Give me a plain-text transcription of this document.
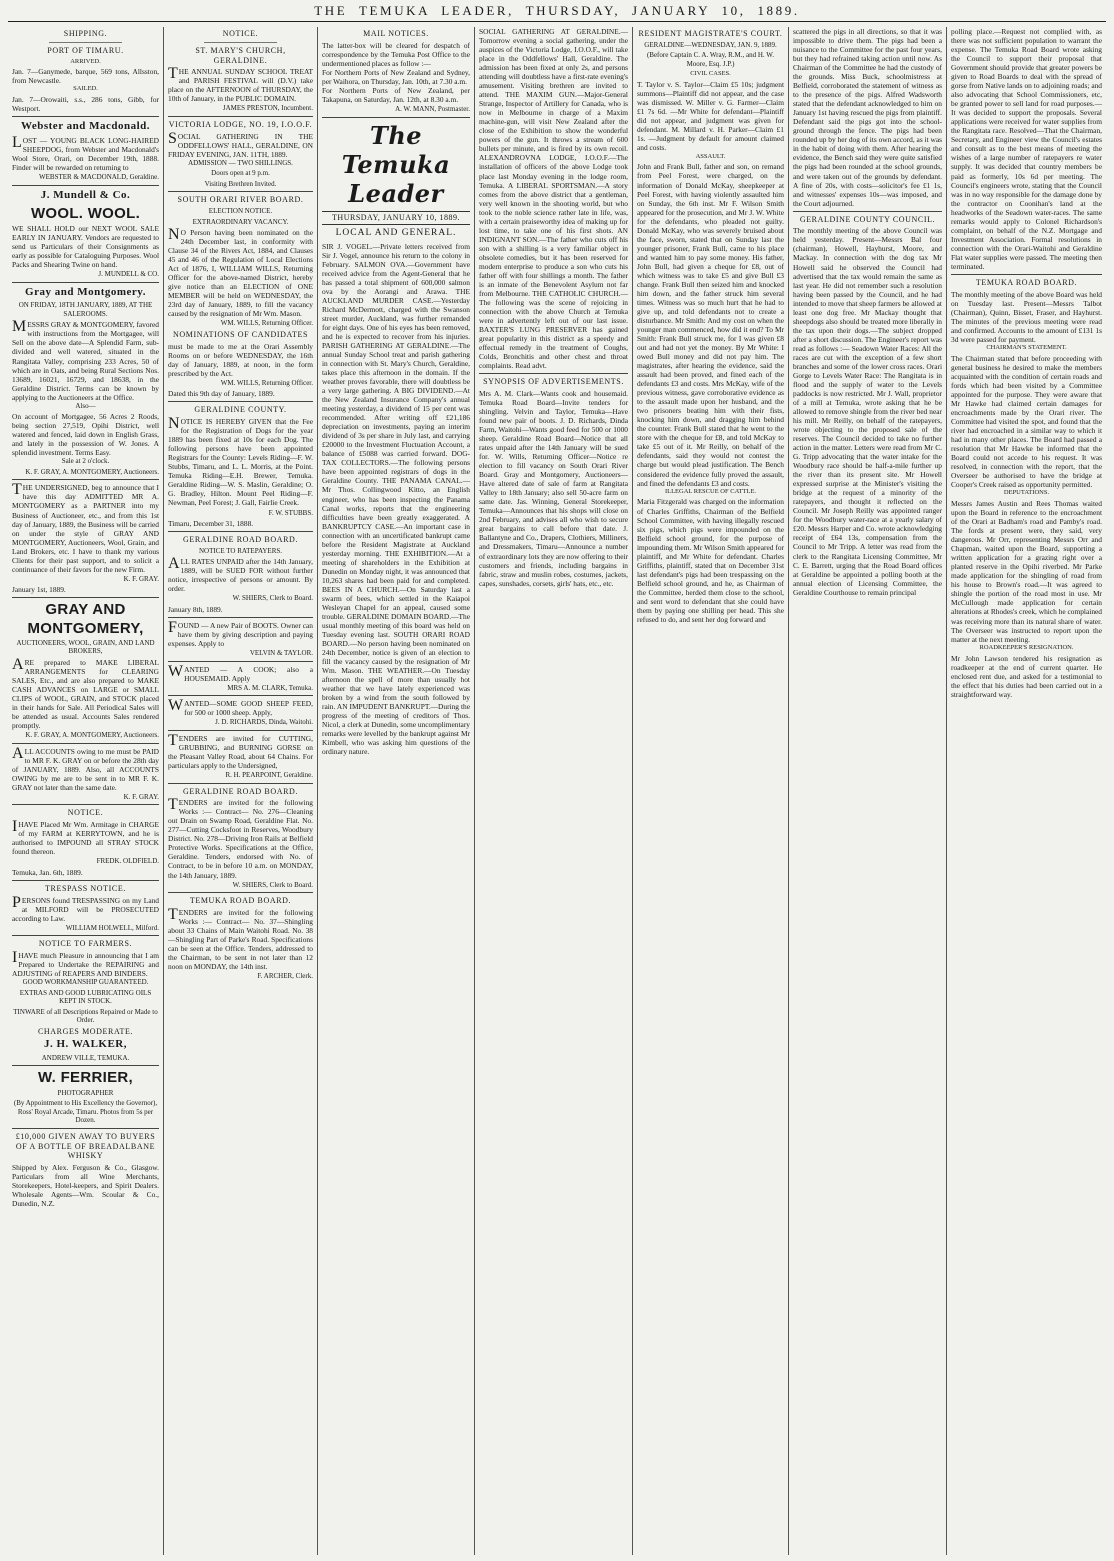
THE TEMUKA LEADER, THURSDAY, JANUARY 10, 1889.
SHIPPING.
PORT OF TIMARU.
ARRIVED.
Jan. 7—Ganymede, barque, 569 tons, Allsston, from Newcastle.
SAILED.
Jan. 7—Orowaiti, s.s., 286 tons, Gibb, for Westport.
Webster and Macdonald.
LOST — YOUNG BLACK LONG-HAIRED SHEEPDOG, from Webster and Macdonald's Wool Store, Orari, on December 19th, 1888. Finder will be rewarded on returning to
WEBSTER & MACDONALD, Geraldine.
J. Mundell & Co.
WOOL. WOOL.
WE SHALL HOLD our NEXT WOOL SALE EARLY IN JANUARY. Vendors are requested to send us Particulars of their Consignments as early as possible for Cataloguing Purposes. Wool Packs and Shearing Twine on hand.
J. MUNDELL & CO.
Gray and Montgomery.
ON FRIDAY, 18TH JANUARY, 1889, AT THE SALEROOMS.
MESSRS GRAY & MONTGOMERY, favored with instructions from the Mortgagee, will Sell on the above date—A Splendid Farm, sub-divided and well watered, situated in the Rangitata Valley, comprising 233 Acres, 50 of which are in Oats, and being Rural Sections Nos. 13689, 16021, 16729, and 18638, in the Geraldine District. Terms can be known by applying to the Auctioneers at the Office.
Also—
On account of Mortgagee, 56 Acres 2 Roods, being section 27,519, Opihi District, well watered and fenced, laid down in English Grass, and lately in the possession of W. Jones. A splendid investment. Terms Easy.
Sale at 2 o'clock.
K. F. GRAY, A. MONTGOMERY, Auctioneers.
THE UNDERSIGNED, beg to announce that I have this day ADMITTED MR A. MONTGOMERY as a PARTNER into my Business of Auctioneer, etc., and from this 1st day of January, 1889, the Business will be carried on under the style of GRAY AND MONTGOMERY, Auctioneers, Wool, Grain, and Land Brokers, etc. I have to thank my various Clients for their past support, and to solicit a continuance of their favors for the new Firm.
K. F. GRAY.
January 1st, 1889.
GRAY AND MONTGOMERY,
AUCTIONEERS, WOOL, GRAIN, AND LAND BROKERS,
ARE prepared to MAKE LIBERAL ARRANGEMENTS for CLEARING SALES, Etc., and are also prepared to MAKE CASH ADVANCES on LARGE or SMALL CLIPS of WOOL, GRAIN, and STOCK placed in their hands for Sale. All Periodical Sales will be attended as usual. Accounts Sales rendered promptly.
K. F. GRAY, A. MONTGOMERY, Auctioneers.
ALL ACCOUNTS owing to me must be PAID to MR F. K. GRAY on or before the 28th day of JANUARY, 1889. Also, all ACCOUNTS OWING by me are to be sent in to MR F. K. GRAY not later than the same date.
K. F. GRAY.
NOTICE.
IHAVE Placed Mr Wm. Armitage in CHARGE of my FARM at KERRYTOWN, and he is authorised to IMPOUND all STRAY STOCK found thereon.
FREDK. OLDFIELD.
Temuka, Jan. 6th, 1889.
TRESPASS NOTICE.
PERSONS found TRESPASSING on my Land at MILFORD will be PROSECUTED according to Law.
WILLIAM HOLWELL, Milford.
NOTICE TO FARMERS.
IHAVE much Pleasure in announcing that I am Prepared to Undertake the REPAIRING and ADJUSTING of REAPERS AND BINDERS.
GOOD WORKMANSHIP GUARANTEED.
EXTRAS AND GOOD LUBRICATING OILS KEPT IN STOCK.
TINWARE of all Descriptions Repaired or Made to Order.
CHARGES MODERATE.
J. H. WALKER,
ANDREW VILLE, TEMUKA.
W. FERRIER,
PHOTOGRAPHER
(By Appointment to His Excellency the Governor), Ross' Royal Arcade, Timaru. Photos from 5s per Dozen.
£10,000 GIVEN AWAY TO BUYERS OF A BOTTLE OF BREADALBANE WHISKY
Shipped by Alex. Ferguson & Co., Glasgow. Particulars from all Wine Merchants, Storekeepers, Hotel-keepers, and Spirit Dealers. Wholesale Agents—Wm. Scoular & Co., Dunedin, N.Z.
NOTICE.
ST. MARY'S CHURCH, GERALDINE.
THE ANNUAL SUNDAY SCHOOL TREAT and PARISH FESTIVAL will (D.V.) take place on the AFTERNOON of THURSDAY, the 10th of January, in the PUBLIC DOMAIN.
JAMES PRESTON, Incumbent.
VICTORIA LODGE, NO. 19, I.O.O.F.
SOCIAL GATHERING IN THE ODDFELLOWS' HALL, GERALDINE, ON FRIDAY EVENING, JAN. 11TH, 1889.
ADMISSION — TWO SHILLINGS.
Doors open at 9 p.m.
Visiting Brethren Invited.
SOUTH ORARI RIVER BOARD.
ELECTION NOTICE.
EXTRAORDINARY VACANCY.
NO Person having been nominated on the 24th December last, in conformity with Clause 34 of the Rivers Act, 1884, and Clauses 45 and 46 of the Regulation of Local Elections Act of 1876, I, WILLIAM WILLS, Returning Officer for the above-named District, hereby give notice than an ELECTION of ONE MEMBER will be held on WEDNESDAY, the 23rd day of January, 1889, to fill the vacancy caused by the resignation of Mr Wm. Mason.
WM. WILLS, Returning Officer.
NOMINATIONS OF CANDIDATES
must be made to me at the Orari Assembly Rooms on or before WEDNESDAY, the 16th day of January, 1889, at noon, in the form prescribed by the Act.
WM. WILLS, Returning Officer.
Dated this 9th day of January, 1889.
GERALDINE COUNTY.
NOTICE IS HEREBY GIVEN that the Fee for the Registration of Dogs for the year 1889 has been fixed at 10s for each Dog. The following persons have been appointed Registrars for the County: Levels Riding—F. W. Stubbs, Timaru, and L. L. Morris, at the Point. Temuka Riding—E.H. Brewer, Temuka. Geraldine Riding—W. S. Maslin, Geraldine; O. G. Bradley, Hilton. Mount Peel Riding—F. Newman, Peel Forest; J. Gall, Fairlie Creek.
F. W. STUBBS.
Timaru, December 31, 1888.
GERALDINE ROAD BOARD.
NOTICE TO RATEPAYERS.
ALL RATES UNPAID after the 14th January, 1889, will be SUED FOR without further notice, irrespective of persons or amount. By order.
W. SHIERS, Clerk to Board.
January 8th, 1889.
FOUND — A new Pair of BOOTS. Owner can have them by giving description and paying expenses. Apply to
VELVIN & TAYLOR.
WANTED — A COOK; also a HOUSEMAID. Apply
MRS A. M. CLARK, Temuka.
WANTED—SOME GOOD SHEEP FEED, for 500 or 1000 sheep. Apply,
J. D. RICHARDS, Dinda, Waitohi.
TENDERS are invited for CUTTING, GRUBBING, and BURNING GORSE on the Pleasant Valley Road, about 64 Chains. For particulars apply to the Undersigned,
R. H. PEARPOINT, Geraldine.
GERALDINE ROAD BOARD.
TENDERS are invited for the following Works :— Contract— No. 276—Cleaning out Drain on Swamp Road, Geraldine Flat. No. 277—Cutting Cocksfoot in Reserves, Woodbury District. No. 278—Driving Iron Rails at Belfield Protective Works. Specifications at the Office, Geraldine. Tenders, endorsed with No. of Contract, to be in before 10 a.m. on MONDAY, the 14th January, 1889.
W. SHIERS, Clerk to Board.
TEMUKA ROAD BOARD.
TENDERS are invited for the following Works :— Contract— No. 37—Shingling about 33 Chains of Main Waitohi Road. No. 38—Shingling Part of Parke's Road. Specifications can be seen at the Office. Tenders, addressed to the Chairman, to be sent in not later than 12 noon on MONDAY, the 14th inst.
F. ARCHER, Clerk.
MAIL NOTICES.
The latter-box will be cleared for despatch of correspondence by the Temuka Post Office to the undermentioned places as follow :—
For Northern Ports of New Zealand and Sydney, per Waihora, on Thursday, Jan. 10th, at 7.30 a.m.
For Northern Ports of New Zealand, per Takapuna, on Saturday, Jan. 12th, at 8.30 a.m.
A. W. MANN, Postmaster.
The Temuka Leader
THURSDAY, JANUARY 10, 1889.
LOCAL AND GENERAL.
SIR J. VOGEL.—Private letters received from Sir J. Vogel, announce his return to the colony in February. SALMON OVA.—Government have received advice from the Agent-General that he has passed a total shipment of 600,000 salmon ova by the Aorangi and Arawa. THE AUCKLAND MURDER CASE.—Yesterday Richard McDermott, charged with the Swanson street murder, Auckland, was further remanded for eight days. One of his eyes has been removed, and he is expected to recover from his injuries. PARISH GATHERING AT GERALDINE.—The annual Sunday School treat and parish gathering in connection with St. Mary's Church, Geraldine, takes place this afternoon in the domain. If the weather proves favorable, there will doubtless be a very large gathering. A BIG DIVIDEND.—At the New Zealand Insurance Company's annual meeting yesterday, a dividend of 15 per cent was recommended. After writing off £21,186 depreciation on investments, paying an interim dividend of 3s per share in July last, and carrying £20000 to the Investment Fluctuation Account, a balance of £5088 was carried forward. DOG-TAX COLLECTORS.—The following persons have been appointed registrars of dogs in the Geraldine County. THE PANAMA CANAL.—Mr Thos. Collingwood Kitto, an English engineer, who has been inspecting the Panama Canal works, reports that the engineering difficulties have been greatly exaggerated. A BANKRUPTCY CASE.—An important case in connection with an uncertificated bankrupt came before the Resident Magistrate at Auckland yesterday morning. THE EXHIBITION.—At a meeting of shareholders in the Exhibition at Dunedin on Monday night, it was announced that 10,263 shares had been paid for and completed. BEES IN A CHURCH.—On Saturday last a swarm of bees, which settled in the Kaiapoi Wesleyan Chapel for an appeal, caused some trouble. GERALDINE DOMAIN BOARD.—The usual monthly meeting of this board was held on Tuesday evening last. SOUTH ORARI ROAD BOARD.—No person having been nominated on 24th December, notice is given of an election to fill the vacancy caused by the resignation of Mr Wm. Mason. THE WEATHER.—On Tuesday afternoon the spell of more than usually hot weather that we have lately experienced was broken by a wind from the south followed by rain. AN IMPUDENT BANKRUPT.—During the progress of the meeting of creditors of Thos. Nicol, a clerk at Dunedin, some uncomplimentary remarks were levelled by the bankrupt against Mr Kimbell, who was asking him questions of the ordinary nature.
SOCIAL GATHERING AT GERALDINE.—Tomorrow evening a social gathering, under the auspices of the Victoria Lodge, I.O.O.F., will take place in the Oddfellows' Hall, Geraldine. The admission has been fixed at only 2s, and persons attending will doubtless have a first-rate evening's amusement. Visiting brethren are invited to attend. THE MAXIM GUN.—Major-General Strange, Inspector of Artillery for Canada, who is now in Melbourne in charge of a Maxim machine-gun, will visit New Zealand after the close of the Exhibition to show the wonderful powers of the gun. It throws a stream of 600 bullets per minute, and is fired by its own recoil. ALEXANDROVNA LODGE, I.O.O.F.—The installation of officers of the above Lodge took place last Monday evening in the lodge room, Temuka. A LIBERAL SPORTSMAN.—A story comes from the above district that a gentleman, very well known in the shooting world, but who took to the noble science rather late in life, was, with a certain praiseworthy idea of making up for lost time, to take one of his first shots. AN INDIGNANT SON.—The father who cuts off his son with a shilling is a very familiar object in obsolete comedies, but it has been reserved for modern enterprise to produce a son who cuts his father off with four shillings a month. The father is an inmate of the Benevolent Asylum not far from Melbourne. THE CATHOLIC CHURCH.—The following was the scene of rejoicing in connection with the above Church at Temuka were in advertently left out of our last issue. BAXTER'S LUNG PRESERVER has gained great popularity in this district as a speedy and effectual remedy in the treatment of Coughs, Colds, Bronchitis and other chest and throat complaints. Read advt.
SYNOPSIS OF ADVERTISEMENTS.
Mrs A. M. Clark—Wants cook and housemaid. Temuka Road Board—Invite tenders for shingling. Velvin and Taylor, Temuka—Have found new pair of boots. J. D. Richards, Dinda Farm, Waitohi—Wants good feed for 500 or 1000 sheep. Geraldine Road Board—Notice that all rates unpaid after the 14th January will be sued for. W. Wills, Returning Officer—Notice re election to fill vacancy on South Orari River Board. Gray and Montgomery, Auctioneers—Have altered date of sale of farm at Rangitata Valley to 18th January; also sell 50-acre farm on same date. Jas. Winning, General Storekeeper, Temuka—Announces that his shops will close on 2nd February, and advises all who wish to secure great bargains to call before that date. J. Ballantyne and Co., Drapers, Clothiers, Milliners, and Dressmakers, Timaru—Announce a number of extraordinary lots they are now offering to their customers and friends, including bargains in fabric, straw and muslin robes, costumes, jackets, capes, sunshades, corsets, girls' hats, etc., etc.
RESIDENT MAGISTRATE'S COURT.
GERALDINE—WEDNESDAY, JAN. 9, 1889.
(Before Captain C. A. Wray, R.M., and H. W. Moore, Esq. J.P.)
CIVIL CASES.
T. Taylor v. S. Taylor—Claim £5 10s; judgment summons—Plaintiff did not appear, and the case was dismissed. W. Miller v. G. Farmer—Claim £1 7s 6d. —Mr White for defendant—Plaintiff did not appear, and judgment was given for defendant. M. Millard v. H. Parker—Claim £1 1s. —Judgment by default for amount claimed and costs.
ASSAULT.
John and Frank Bull, father and son, on remand from Peel Forest, were charged, on the information of Donald McKay, sheepkeeper at Peel Forest, with having violently assaulted him on Sunday, the 6th inst. Mr F. Wilson Smith appeared for the prosecution, and Mr J. W. White for the defendants, who pleaded not guilty. Donald McKay, who was severely bruised about the face, sworn, stated that on Sunday last the younger prisoner, Frank Bull, came to his place and wanted him to pay some money. His father, John Bull, had given a cheque for £8, out of which witness was to take £5 and give Bull £3 change. Frank Bull then seized him and knocked him down, and the father struck him several times. Witness was so much hurt that he had to give up, and told defendants not to create a disturbance. Mr Smith: And my cost on when the younger man commenced, how did it end? To Mr Smith: Frank Bull struck me, for I was given £8 out and had not yet the money. By Mr White: I owed Bull money and did not pay him. The magistrates, after hearing the evidence, said the assault had been proved, and fined each of the defendants £3 and costs. Mrs McKay, wife of the previous witness, gave corroborative evidence as to the assault made upon her husband, and the two prisoners beating him with their fists, knocking him down, and dragging him behind the counter. Frank Bull stated that he went to the store with the cheque for £8, and told McKay to take £5 out of it. Mr Reilly, on behalf of the defendants, said they would not contest the charge but would plead justification. The Bench considered the evidence fully proved the assault, and fined the defendants £3 and costs.
ILLEGAL RESCUE OF CATTLE.
Maria Fitzgerald was charged on the information of Charles Griffiths, Chairman of the Belfield School Committee, with having illegally rescued six pigs, which pigs were impounded on the Belfield school ground, for the purpose of impounding them. Mr Wilson Smith appeared for plaintiff, and Mr White for defendant. Charles Griffiths, plaintiff, stated that on December 31st last defendant's pigs had been trespassing on the Belfield school ground, and he, as Chairman of the Committee, herded them close to the school, and sent word to defendant that she could have them by paying one shilling per head. This she refused to do, and sent her dog forward and
scattered the pigs in all directions, so that it was impossible to drive them. The pigs had been a nuisance to the Committee for the past four years, but they had refrained taking action until now. As Chairman of the Committee he had the custody of the grounds. Miss Buck, schoolmistress at Belfield, corroborated the statement of witness as to the presence of the pigs. Alfred Wadsworth stated that the defendant acknowledged to him on January 1st having rescued the pigs from plaintiff. Defendant said the pigs got into the school-ground through the fence. The pigs had been rounded up by her dog of its own accord, as it was in the habit of doing with them. After hearing the evidence, the Bench said they were quite satisfied the pigs had been rounded at the school grounds, and were taken out of the grounds by defendant. A fine of 20s, with costs—solicitor's fee £1 1s, and witnesses' expenses 10s—was imposed, and the Court adjourned.
GERALDINE COUNTY COUNCIL.
The monthly meeting of the above Council was held yesterday. Present—Messrs Bal four (chairman), Howell, Hayhurst, Moore, and Mackay. In connection with the dog tax Mr Howell said he observed the Council had advertised that the tax would remain the same as last year. He did not remember such a resolution having been passed by the Council, and he had intended to move that sheep farmers be allowed at least one dog free. Mr Mackay thought that sheepdogs also should be treated more liberally in the tax upon their dogs.—The subject dropped after a short discussion. The Engineer's report was read as follows :— Seadown Water Races: All the races are cut with the exception of a few short branches and some of the lower cross races. Orari Gorge to Levels Water Race: The Rangitata is in flood and the supply of water to the Levels paddocks is now restricted. Mr J. Wall, proprietor of a mill at Temuka, wrote asking that he be allowed to remove shingle from the river bed near his mill. Mr Reilly, on behalf of the ratepayers, wrote objecting to the proposed sale of the reserves. The Council decided to take no further action in the matter. Letters were read from Mr C. G. Tripp advocating that the water intake for the Woodbury race should be half-a-mile further up the river than its present site. Mr Howell expressed surprise at the Minister's visiting the bridge at the request of a minority of the ratepayers, and thought it reflected on the Council. Mr Joseph Reilly was appointed ranger for the Woodbury water-race at a yearly salary of £20. Messrs Harper and Co. wrote acknowledging receipt of £64 13s, compensation from the Council to Mr Tripp. A letter was read from the clerk to the Rangitata Licensing Committee, Mr C. E. Barrett, urging that the Road Board offices at Geraldine be appointed a polling booth at the annual election of Licensing Committee, the Geraldine Courthouse to remain principal
polling place.—Request not complied with, as there was not sufficient population to warrant the expense. The Temuka Road Board wrote asking the Council to support their proposal that Government should provide that greater powers be given to Road Boards to deal with the spread of gorse from Native lands on to adjoining roads; and also advocating that School Commissioners, etc, be granted power to sell land for road purposes.—It was decided to support the proposals. Several applications were received for water supplies from the Rangitata race. Resolved—That the Chairman, Secretary, and Engineer view the Council's estates and consult as to the best means of meeting the wishes of a large number of ratepayers re water supply. It was decided that country members be paid as formerly, 10s 6d per meeting. The Council's engineers wrote, stating that the Council was in no way responsible for the damage done by the contractor on Coonihan's land at the headworks of the Seadown water-races. The same remarks would apply to Colonel Richardson's complaint, on behalf of the N.Z. Mortgage and Investment Association. Formal resolutions in connection with the Orari-Waitohi and Geraldine Flat water supplies were passed. The meeting then terminated.
TEMUKA ROAD BOARD.
The monthly meeting of the above Board was held on Tuesday last. Present—Messrs Talbot (Chairman), Quinn, Bisset, Fraser, and Hayhurst. The minutes of the previous meeting were read and confirmed. Accounts to the amount of £131 1s 3d were passed for payment.
CHAIRMAN'S STATEMENT.
The Chairman stated that before proceeding with general business he desired to make the members acquainted with the condition of certain roads and fords which had been visited by a Committee appointed for the purpose. They were aware that Mr Hawke had claimed certain damages for encroachments made by the Orari river. The Committee had visited the spot, and found that the river had encroached in a similar way to which it had in many other places. The Board had passed a resolution that Mr Hawke be informed that the Board could not accede to his request. It was resolved, in connection with the report, that the Overseer be authorised to have the bridge at Cooper's Creek raised as opportunity permitted.
DEPUTATIONS.
Messrs James Austin and Rees Thomas waited upon the Board in reference to the encroachment of the Orari at Badham's road and Pamby's road. The fords at present were, they said, very dangerous. Mr Orr, representing Messrs Orr and Chapman, waited upon the Board, supporting a written application for a grazing right over a planted reserve in the Opihi riverbed. Mr Parke made application for the shingling of road from his house to Brown's road.—It was agreed to shingle the portion of the road most in use. Mr McCullough made application for certain alterations at Rhodes's creek, which he complained was receiving more than its natural share of water. The Overseer was instructed to report upon the matter at the next meeting.
ROADKEEPER'S RESIGNATION.
Mr John Lawson tendered his resignation as roadkeeper at the end of current quarter. He enclosed rent due, and asked for a testimonial to the effect that his duties had been carried out in a straightforward way.
